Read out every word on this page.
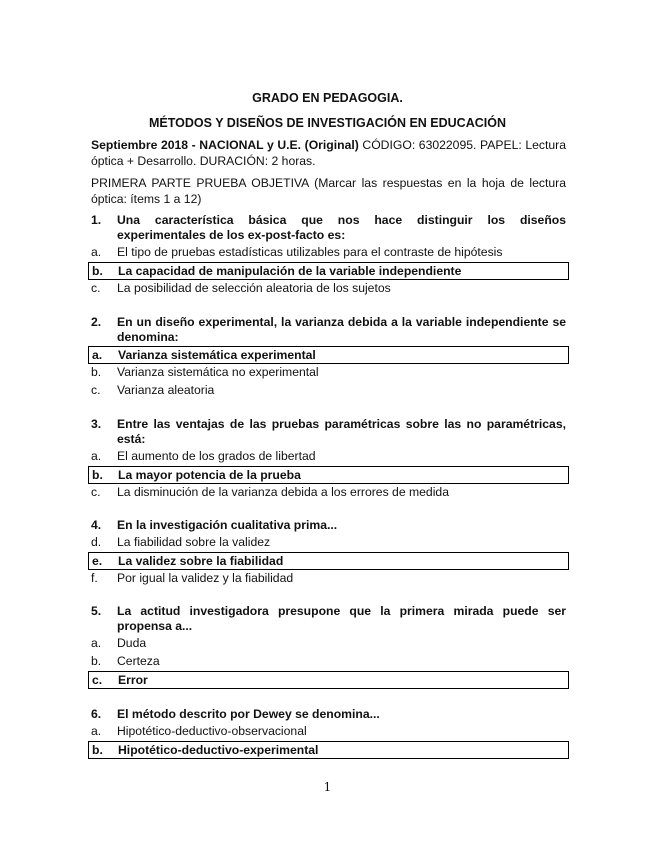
GRADO EN PEDAGOGIA.
MÉTODOS Y DISEÑOS DE INVESTIGACIÓN EN EDUCACIÓN
Septiembre 2018 - NACIONAL y U.E. (Original) CÓDIGO: 63022095. PAPEL: Lectura óptica + Desarrollo. DURACIÓN: 2 horas.
PRIMERA PARTE PRUEBA OBJETIVA (Marcar las respuestas en la hoja de lectura óptica: ítems 1 a 12)
1.	Una característica básica que nos hace distinguir los diseños experimentales de los ex-post-facto es:
a.	El tipo de pruebas estadísticas utilizables para el contraste de hipótesis
b.	La capacidad de manipulación de la variable independiente
c.	La posibilidad de selección aleatoria de los sujetos
2.	En un diseño experimental, la varianza debida a la variable independiente se denomina:
a.	Varianza sistemática experimental
b.	Varianza sistemática no experimental
c.	Varianza aleatoria
3.	Entre las ventajas de las pruebas paramétricas sobre las no paramétricas, está:
a.	El aumento de los grados de libertad
b.	La mayor potencia de la prueba
c.	La disminución de la varianza debida a los errores de medida
4.	En la investigación cualitativa prima...
d.	La fiabilidad sobre la validez
e.	La validez sobre la fiabilidad
f.	Por igual la validez y la fiabilidad
5.	La actitud investigadora presupone que la primera mirada puede ser propensa a...
a.	Duda
b.	Certeza
c.	Error
6.	El método descrito por Dewey se denomina...
a.	Hipotético-deductivo-observacional
b.	Hipotético-deductivo-experimental
1
